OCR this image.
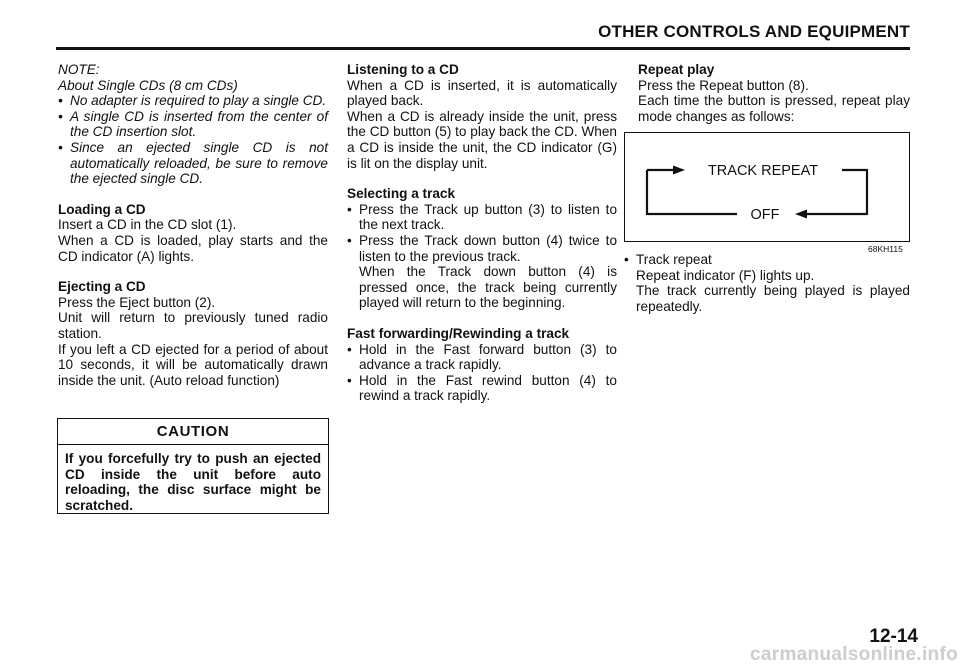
OTHER CONTROLS AND EQUIPMENT
NOTE:
About Single CDs (8 cm CDs)
• No adapter is required to play a single CD.
• A single CD is inserted from the center of the CD insertion slot.
• Since an ejected single CD is not automatically reloaded, be sure to remove the ejected single CD.
Loading a CD
Insert a CD in the CD slot (1).
When a CD is loaded, play starts and the CD indicator (A) lights.
Ejecting a CD
Press the Eject button (2).
Unit will return to previously tuned radio station.
If you left a CD ejected for a period of about 10 seconds, it will be automatically drawn inside the unit. (Auto reload function)
CAUTION
If you forcefully try to push an ejected CD inside the unit before auto reloading, the disc surface might be scratched.
Listening to a CD
When a CD is inserted, it is automatically played back.
When a CD is already inside the unit, press the CD button (5) to play back the CD. When a CD is inside the unit, the CD indicator (G) is lit on the display unit.
Selecting a track
• Press the Track up button (3) to listen to the next track.
• Press the Track down button (4) twice to listen to the previous track.
When the Track down button (4) is pressed once, the track being currently played will return to the beginning.
Fast forwarding/Rewinding a track
• Hold in the Fast forward button (3) to advance a track rapidly.
• Hold in the Fast rewind button (4) to rewind a track rapidly.
Repeat play
Press the Repeat button (8).
Each time the button is pressed, repeat play mode changes as follows:
TRACK REPEAT
OFF
68KH115
• Track repeat
Repeat indicator (F) lights up.
The track currently being played is played repeatedly.
12-14
carmanualsonline.info
